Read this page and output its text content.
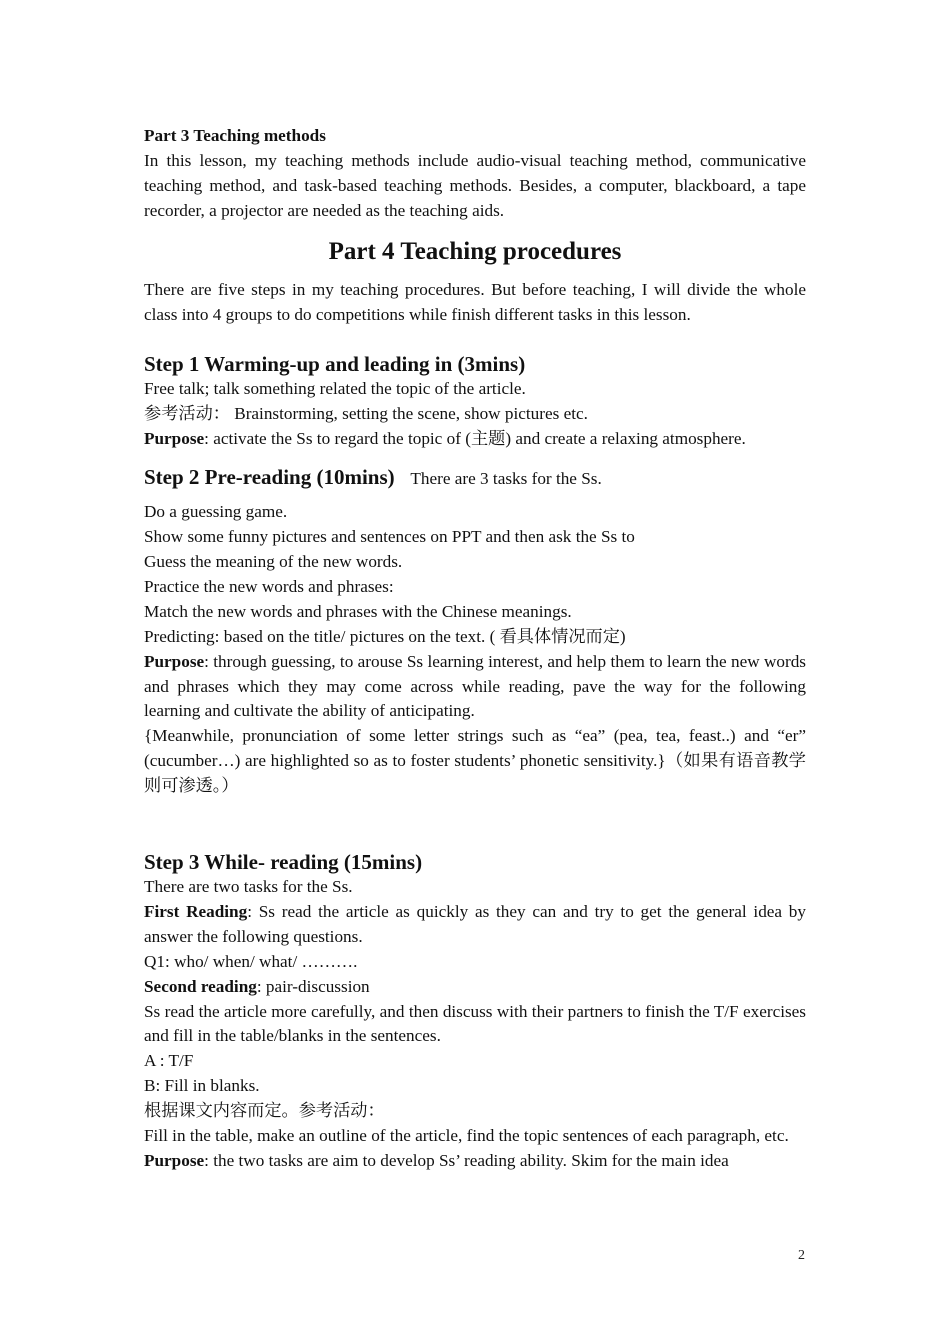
Part 3 Teaching methods

In this lesson, my teaching methods include audio-visual teaching method, communicative teaching method, and task-based teaching methods. Besides, a computer, blackboard, a tape recorder, a projector are needed as the teaching aids.

Part 4 Teaching procedures

There are five steps in my teaching procedures. But before teaching, I will divide the whole class into 4 groups to do competitions while finish different tasks in this lesson.

Step 1 Warming-up and leading in (3mins)

Free talk; talk something related the topic of the article.

参考活动： Brainstorming, setting the scene, show pictures etc.

Purpose: activate the Ss to regard the topic of (主题) and create a relaxing atmosphere.

Step 2 Pre-reading (10mins) There are 3 tasks for the Ss.

Do a guessing game.

Show some funny pictures and sentences on PPT and then ask the Ss to

Guess the meaning of the new words.

Practice the new words and phrases:

Match the new words and phrases with the Chinese meanings.

Predicting: based on the title/ pictures on the text. ( 看具体情况而定)

Purpose: through guessing, to arouse Ss learning interest, and help them to learn the new words and phrases which they may come across while reading, pave the way for the following learning and cultivate the ability of anticipating.

{Meanwhile, pronunciation of some letter strings such as “ea” (pea, tea, feast..) and “er” (cucumber…) are highlighted so as to foster students’ phonetic sensitivity.}（如果有语音教学则可渗透。）

Step 3 While- reading (15mins)

There are two tasks for the Ss.

First Reading: Ss read the article as quickly as they can and try to get the general idea by answer the following questions.

Q1: who/ when/ what/ ……….

Second reading: pair-discussion

Ss read the article more carefully, and then discuss with their partners to finish the T/F exercises and fill in the table/blanks in the sentences.

A : T/F

B: Fill in blanks.

根据课文内容而定。参考活动：

Fill in the table, make an outline of the article, find the topic sentences of each paragraph, etc.

Purpose: the two tasks are aim to develop Ss’ reading ability. Skim for the main idea

2
